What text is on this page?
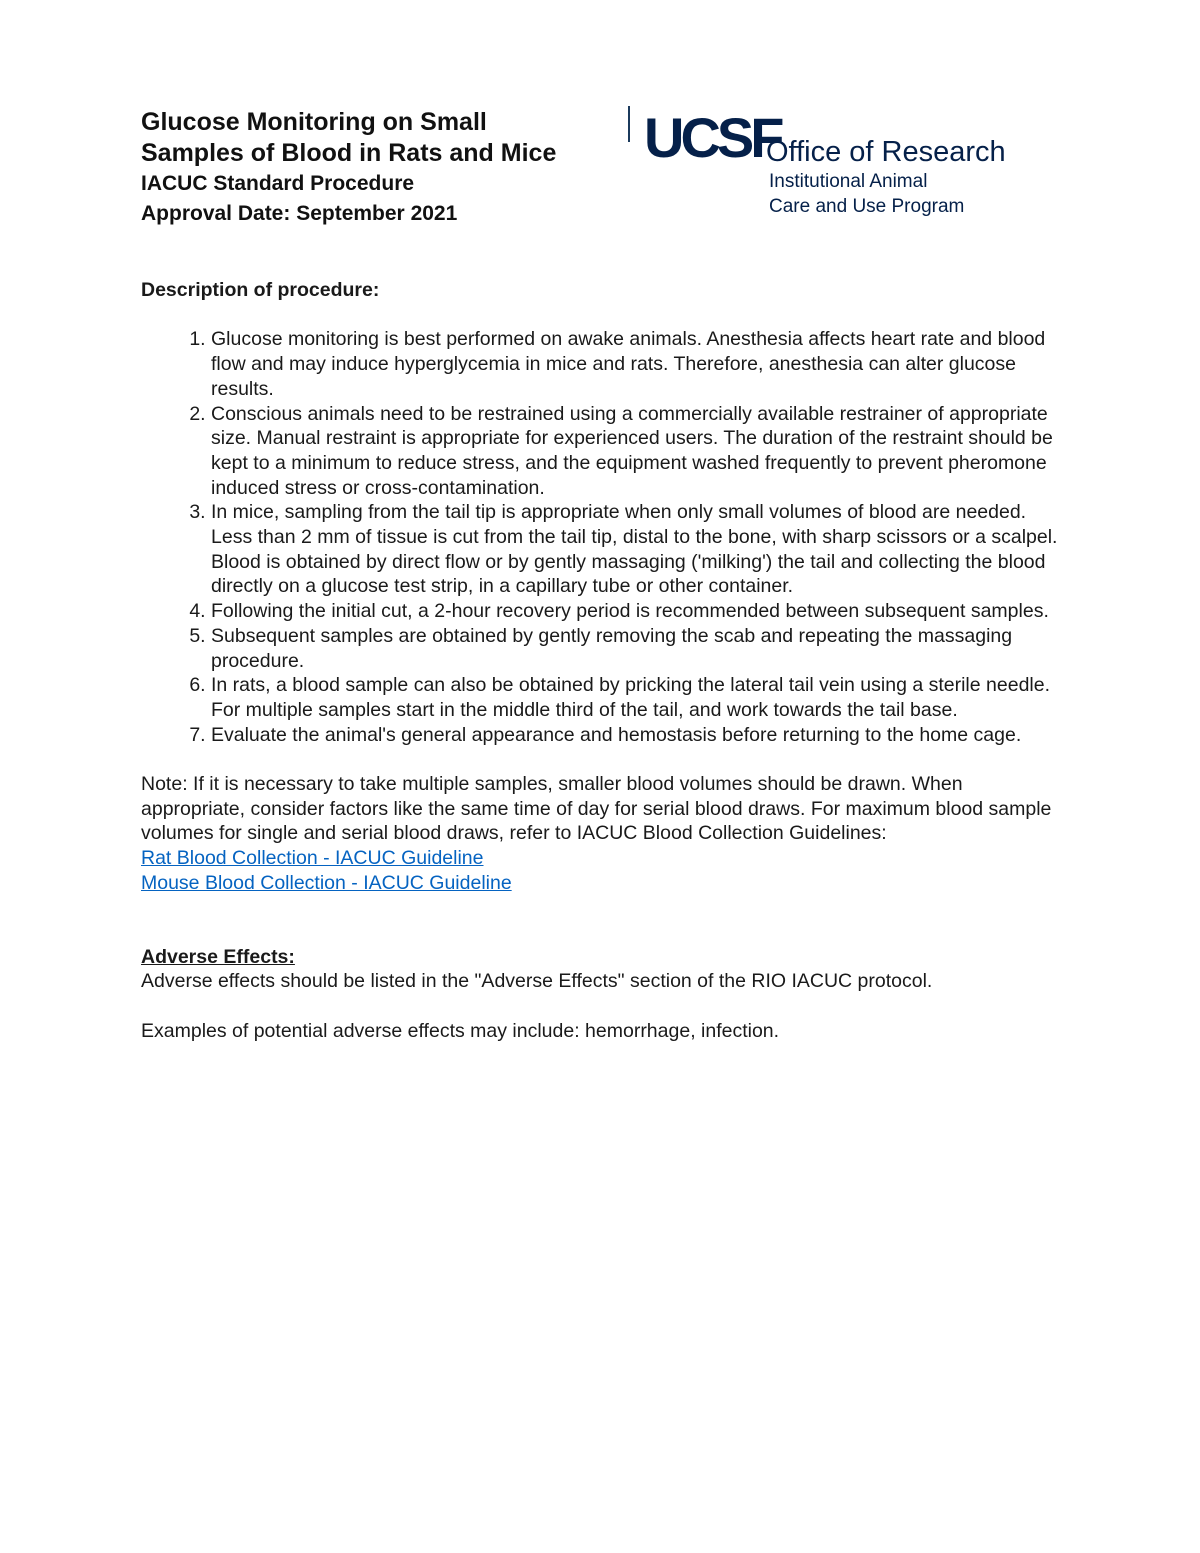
Glucose Monitoring on Small
Samples of Blood in Rats and Mice
IACUC Standard Procedure
Approval Date: September 2021
UCSF
Office of Research
Institutional Animal
Care and Use Program
Description of procedure:
1. Glucose monitoring is best performed on awake animals. Anesthesia affects heart rate and blood flow and may induce hyperglycemia in mice and rats. Therefore, anesthesia can alter glucose results.
2. Conscious animals need to be restrained using a commercially available restrainer of appropriate size. Manual restraint is appropriate for experienced users. The duration of the restraint should be kept to a minimum to reduce stress, and the equipment washed frequently to prevent pheromone induced stress or cross-contamination.
3. In mice, sampling from the tail tip is appropriate when only small volumes of blood are needed. Less than 2 mm of tissue is cut from the tail tip, distal to the bone, with sharp scissors or a scalpel. Blood is obtained by direct flow or by gently massaging ('milking') the tail and collecting the blood directly on a glucose test strip, in a capillary tube or other container.
4. Following the initial cut, a 2-hour recovery period is recommended between subsequent samples.
5. Subsequent samples are obtained by gently removing the scab and repeating the massaging procedure.
6. In rats, a blood sample can also be obtained by pricking the lateral tail vein using a sterile needle. For multiple samples start in the middle third of the tail, and work towards the tail base.
7. Evaluate the animal's general appearance and hemostasis before returning to the home cage.

Note: If it is necessary to take multiple samples, smaller blood volumes should be drawn. When appropriate, consider factors like the same time of day for serial blood draws. For maximum blood sample volumes for single and serial blood draws, refer to IACUC Blood Collection Guidelines:

Rat Blood Collection - IACUC Guideline
Mouse Blood Collection - IACUC Guideline
Adverse Effects:

Adverse effects should be listed in the "Adverse Effects" section of the RIO IACUC protocol.

Examples of potential adverse effects may include: hemorrhage, infection.
